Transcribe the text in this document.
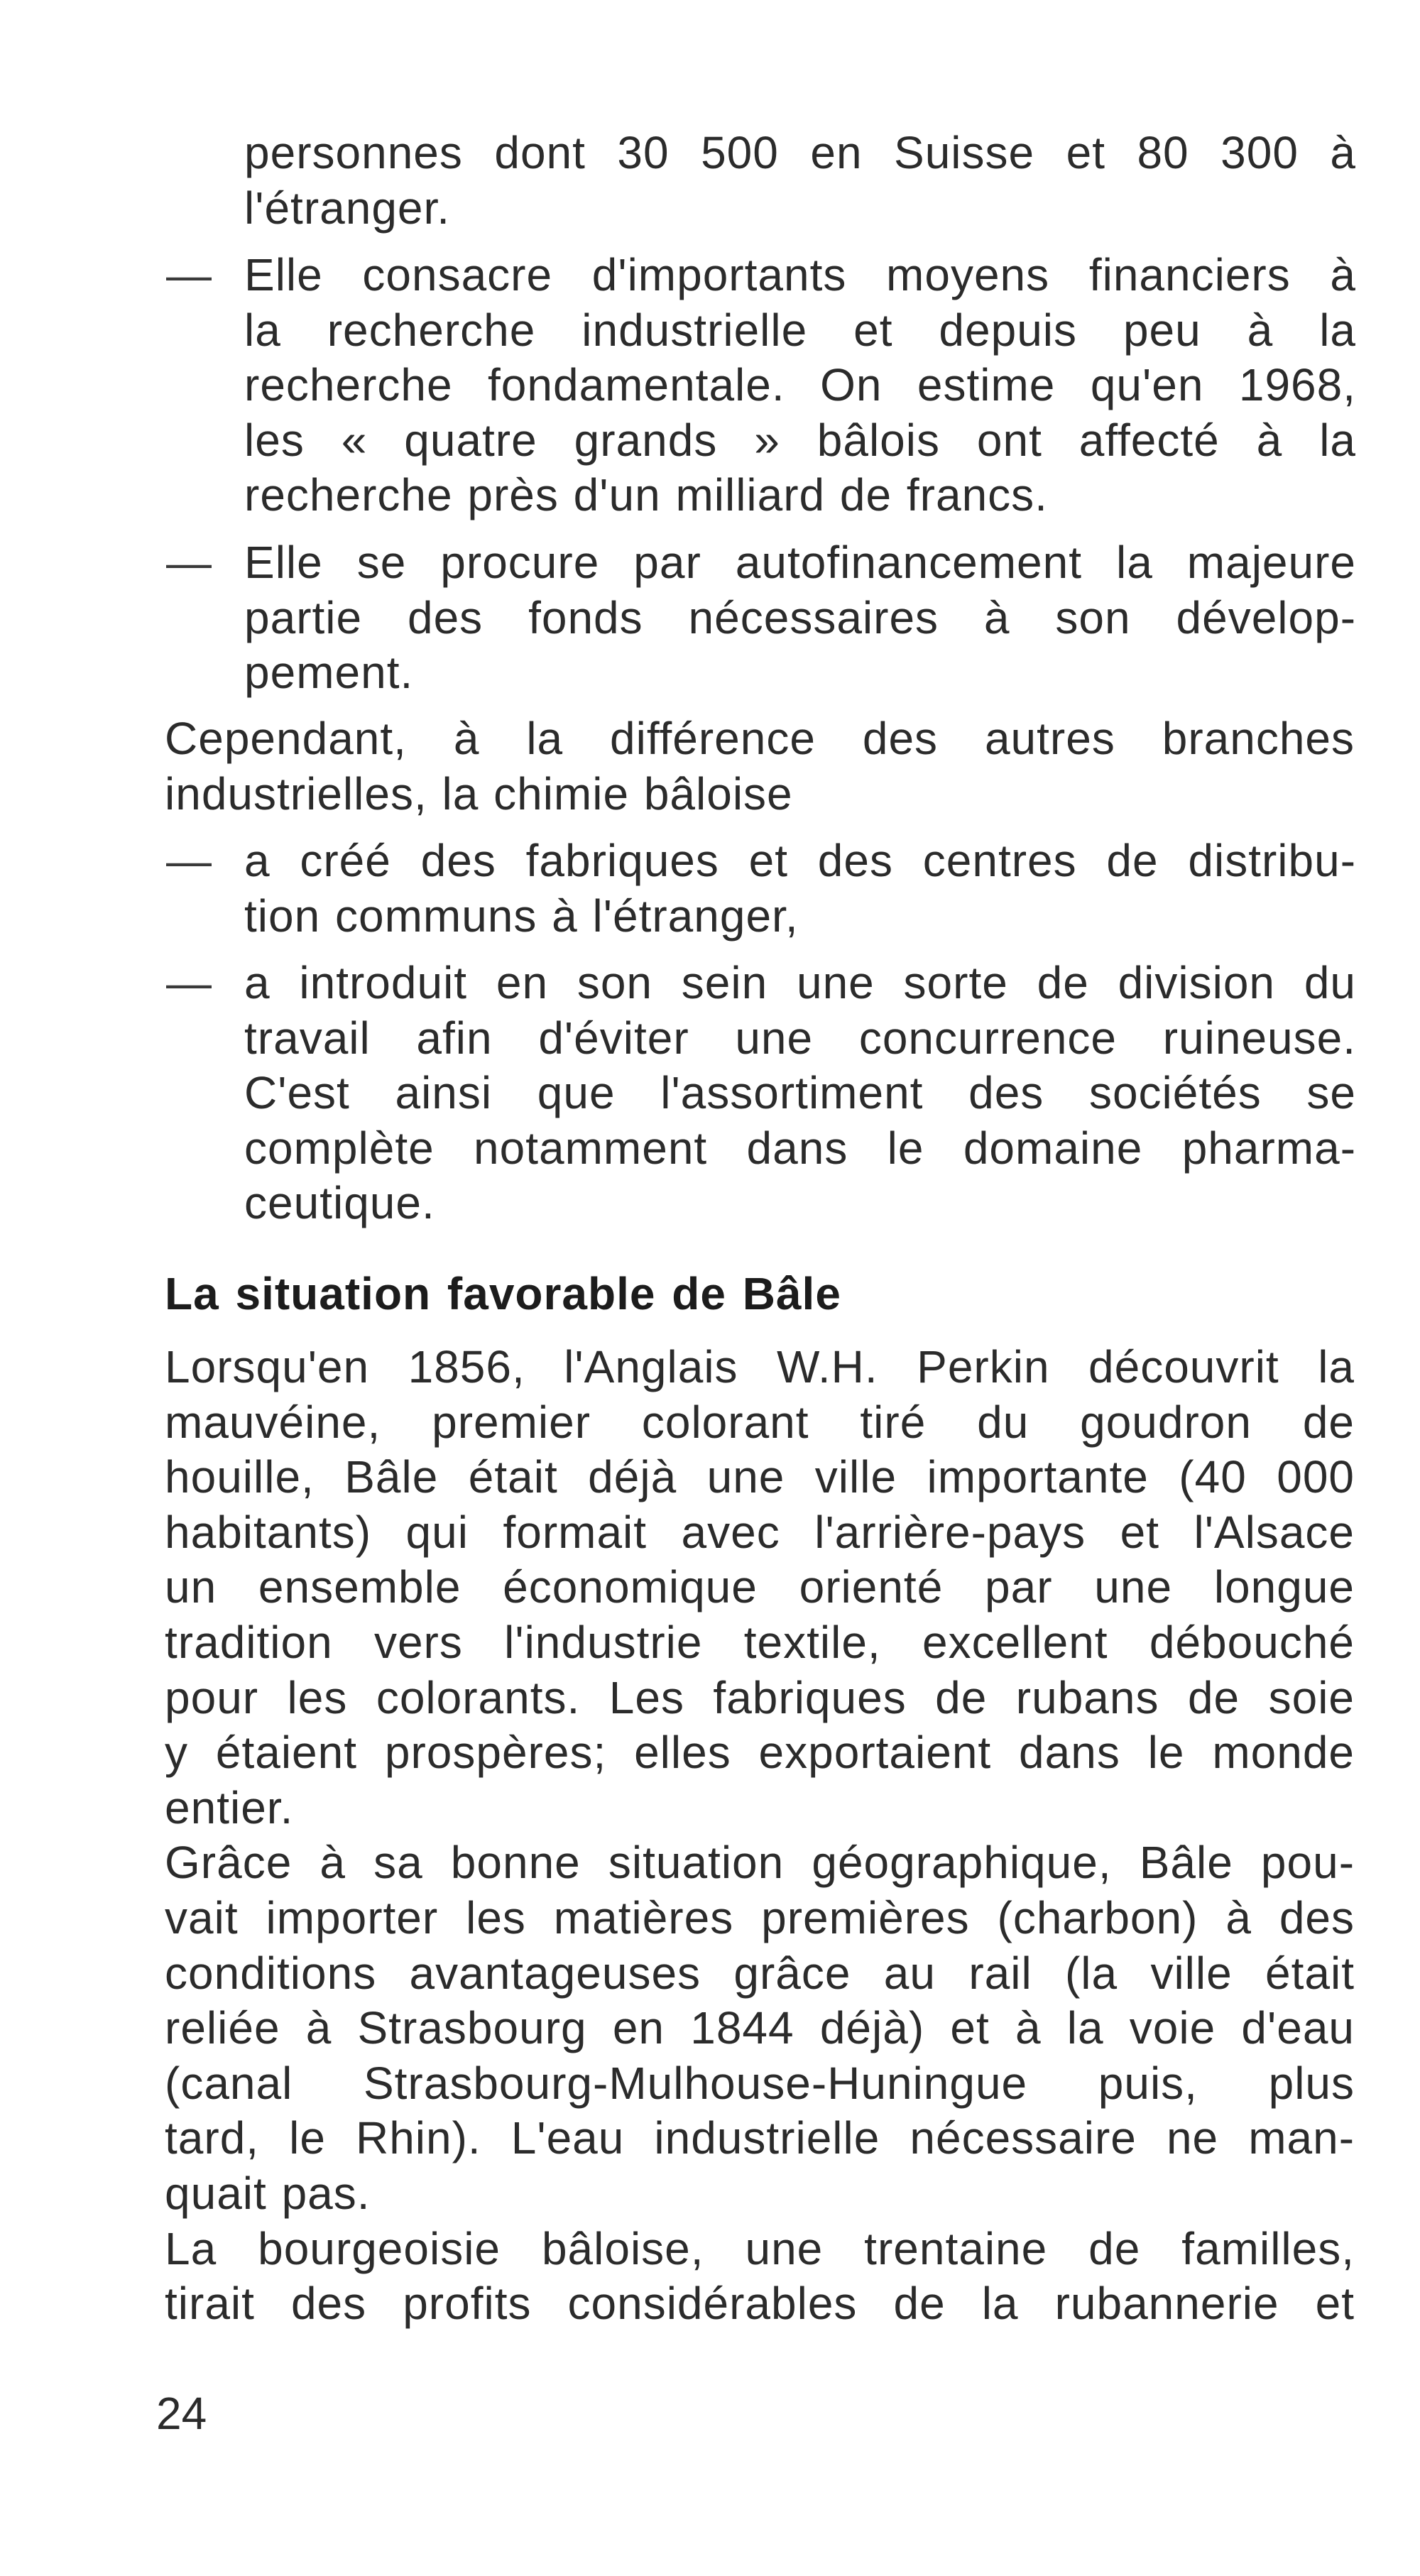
personnes dont 30 500 en Suisse et 80 300 à
l'étranger.
— Elle consacre d'importants moyens financiers à
la recherche industrielle et depuis peu à la
recherche fondamentale. On estime qu'en 1968,
les « quatre grands » bâlois ont affecté à la
recherche près d'un milliard de francs.
— Elle se procure par autofinancement la majeure
partie des fonds nécessaires à son dévelop-
pement.
Cependant, à la différence des autres branches
industrielles, la chimie bâloise
— a créé des fabriques et des centres de distribu-
tion communs à l'étranger,
— a introduit en son sein une sorte de division du
travail afin d'éviter une concurrence ruineuse.
C'est ainsi que l'assortiment des sociétés se
complète notamment dans le domaine pharma-
ceutique.
La situation favorable de Bâle
Lorsqu'en 1856, l'Anglais W.H. Perkin découvrit la
mauvéine, premier colorant tiré du goudron de
houille, Bâle était déjà une ville importante (40 000
habitants) qui formait avec l'arrière-pays et l'Alsace
un ensemble économique orienté par une longue
tradition vers l'industrie textile, excellent débouché
pour les colorants. Les fabriques de rubans de soie
y étaient prospères; elles exportaient dans le monde
entier.
Grâce à sa bonne situation géographique, Bâle pou-
vait importer les matières premières (charbon) à des
conditions avantageuses grâce au rail (la ville était
reliée à Strasbourg en 1844 déjà) et à la voie d'eau
(canal Strasbourg-Mulhouse-Huningue puis, plus
tard, le Rhin). L'eau industrielle nécessaire ne man-
quait pas.
La bourgeoisie bâloise, une trentaine de familles,
tirait des profits considérables de la rubannerie et
24
